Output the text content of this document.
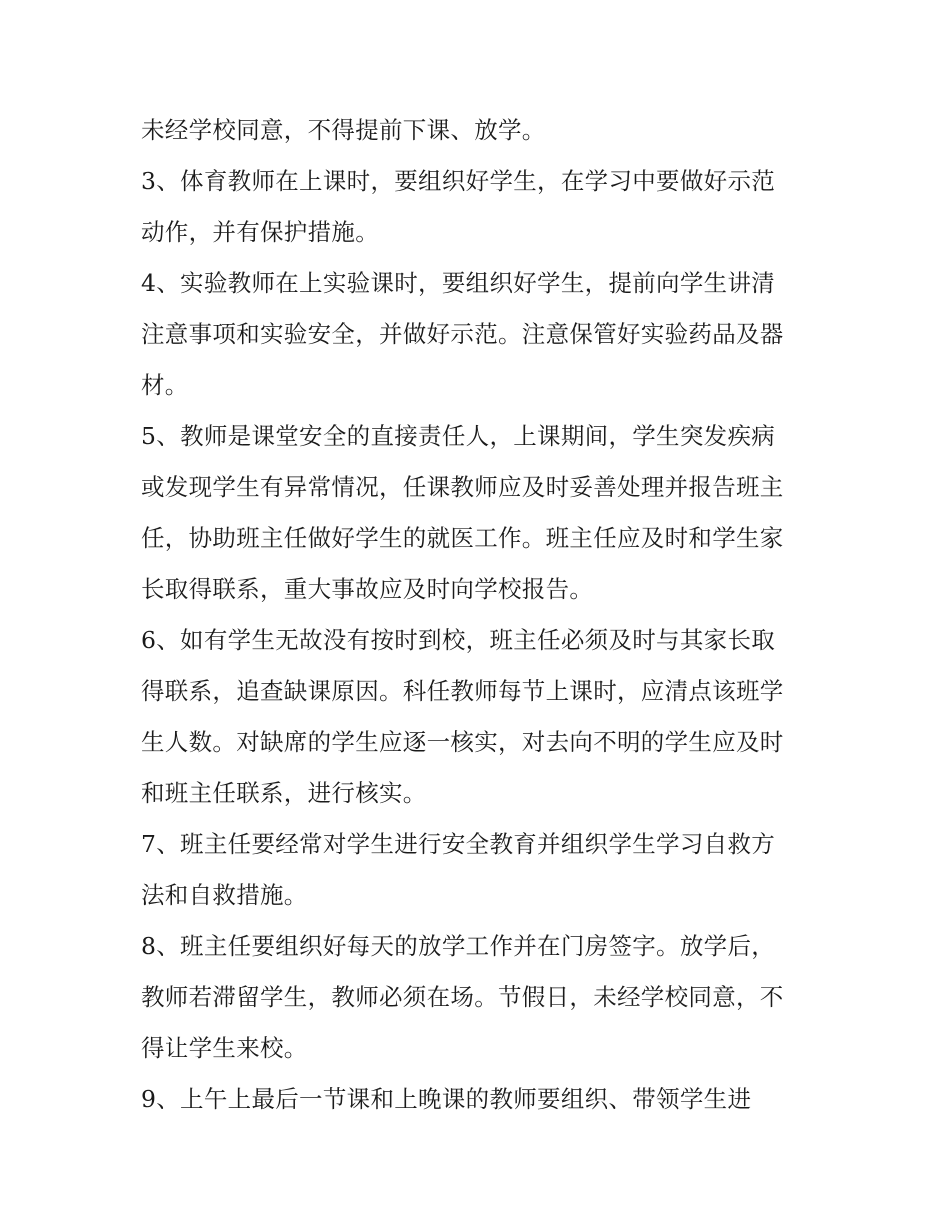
未经学校同意，不得提前下课、放学。
3、体育教师在上课时，要组织好学生，在学习中要做好示范
动作，并有保护措施。
4、实验教师在上实验课时，要组织好学生，提前向学生讲清
注意事项和实验安全，并做好示范。注意保管好实验药品及器
材。
5、教师是课堂安全的直接责任人，上课期间，学生突发疾病
或发现学生有异常情况，任课教师应及时妥善处理并报告班主
任，协助班主任做好学生的就医工作。班主任应及时和学生家
长取得联系，重大事故应及时向学校报告。
6、如有学生无故没有按时到校，班主任必须及时与其家长取
得联系，追查缺课原因。科任教师每节上课时，应清点该班学
生人数。对缺席的学生应逐一核实，对去向不明的学生应及时
和班主任联系，进行核实。
7、班主任要经常对学生进行安全教育并组织学生学习自救方
法和自救措施。
8、班主任要组织好每天的放学工作并在门房签字。放学后，
教师若滞留学生，教师必须在场。节假日，未经学校同意，不
得让学生来校。
9、上午上最后一节课和上晚课的教师要组织、带领学生进
